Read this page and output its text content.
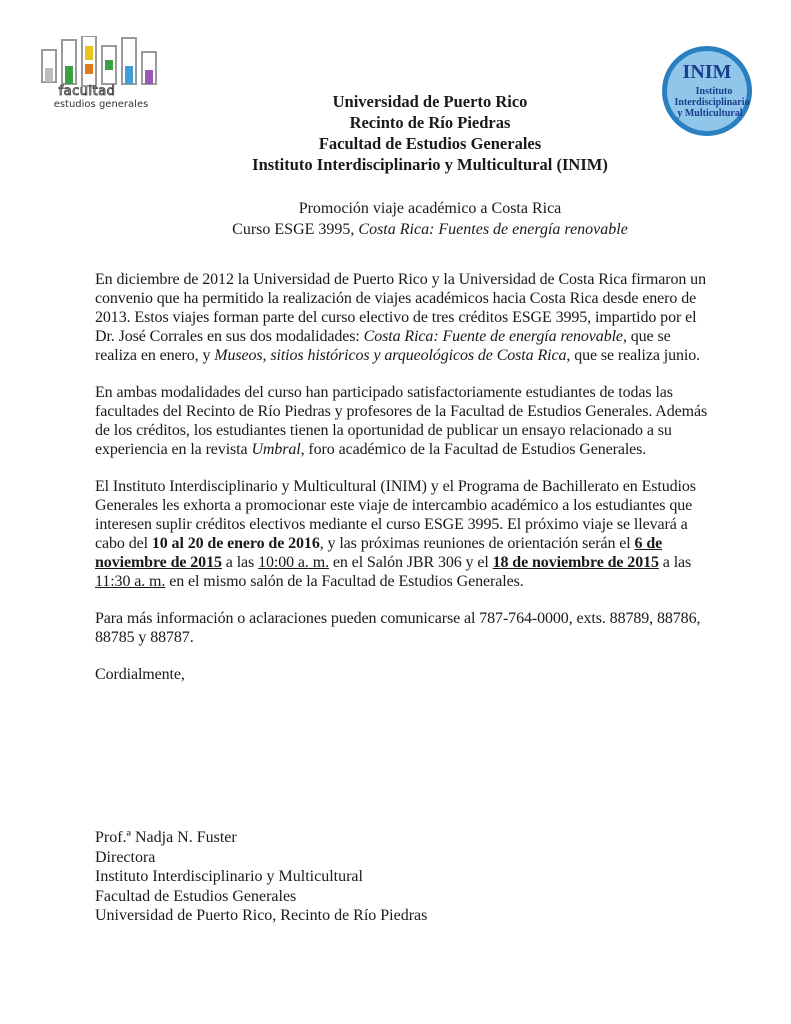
facultad
estudios generales
INIM
Instituto
Interdisciplinario
y Multicultural
Universidad de Puerto Rico
Recinto de Río Piedras
Facultad de Estudios Generales
Instituto Interdisciplinario y Multicultural (INIM)
Promoción viaje académico a Costa Rica
Curso ESGE 3995, Costa Rica: Fuentes de energía renovable

En diciembre de 2012 la Universidad de Puerto Rico y la Universidad de Costa Rica firmaron un convenio que ha permitido la realización de viajes académicos hacia Costa Rica desde enero de 2013. Estos viajes forman parte del curso electivo de tres créditos ESGE 3995, impartido por el Dr. José Corrales en sus dos modalidades: Costa Rica: Fuente de energía renovable, que se realiza en enero, y Museos, sitios históricos y arqueológicos de Costa Rica, que se realiza junio.

En ambas modalidades del curso han participado satisfactoriamente estudiantes de todas las facultades del Recinto de Río Piedras y profesores de la Facultad de Estudios Generales. Además de los créditos, los estudiantes tienen la oportunidad de publicar un ensayo relacionado a su experiencia en la revista Umbral, foro académico de la Facultad de Estudios Generales.

El Instituto Interdisciplinario y Multicultural (INIM) y el Programa de Bachillerato en Estudios Generales les exhorta a promocionar este viaje de intercambio académico a los estudiantes que interesen suplir créditos electivos mediante el curso ESGE 3995. El próximo viaje se llevará a cabo del 10 al 20 de enero de 2016, y las próximas reuniones de orientación serán el 6 de noviembre de 2015 a las 10:00 a. m. en el Salón JBR 306 y el 18 de noviembre de 2015 a las 11:30 a. m. en el mismo salón de la Facultad de Estudios Generales.

Para más información o aclaraciones pueden comunicarse al 787-764-0000, exts. 88789, 88786, 88785 y 88787.

Cordialmente,

Prof.ª Nadja N. Fuster
Directora
Instituto Interdisciplinario y Multicultural
Facultad de Estudios Generales
Universidad de Puerto Rico, Recinto de Río Piedras
